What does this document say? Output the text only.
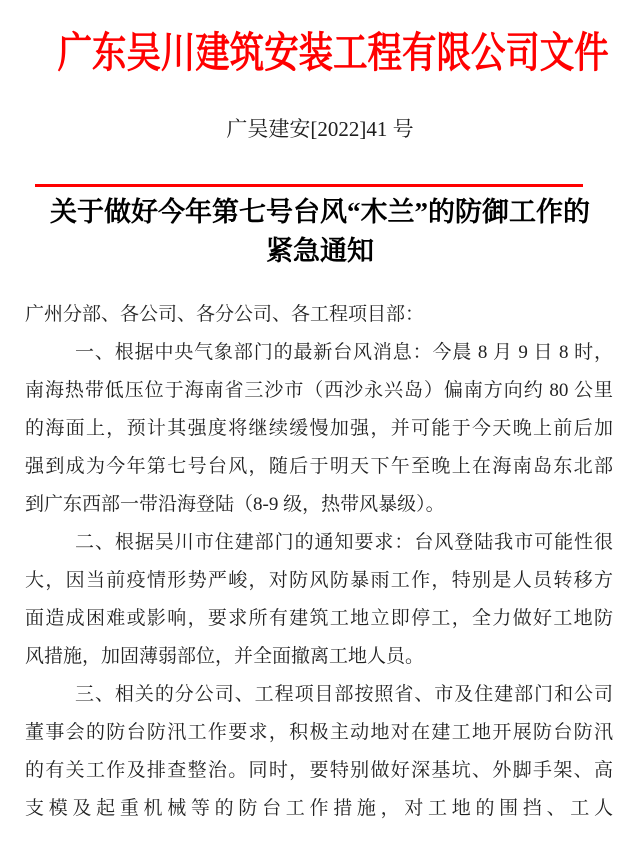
广东吴川建筑安装工程有限公司文件
广吴建安[2022]41 号
关于做好今年第七号台风“木兰”的防御工作的
紧急通知
广州分部、各公司、各分公司、各工程项目部：
一、根据中央气象部门的最新台风消息：今晨 8 月 9 日 8 时，
南海热带低压位于海南省三沙市（西沙永兴岛）偏南方向约 80 公里
的海面上，预计其强度将继续缓慢加强，并可能于今天晚上前后加
强到成为今年第七号台风，随后于明天下午至晚上在海南岛东北部
到广东西部一带沿海登陆（8-9 级，热带风暴级）。
二、根据吴川市住建部门的通知要求：台风登陆我市可能性很
大，因当前疫情形势严峻，对防风防暴雨工作，特别是人员转移方
面造成困难或影响，要求所有建筑工地立即停工，全力做好工地防
风措施，加固薄弱部位，并全面撤离工地人员。
三、相关的分公司、工程项目部按照省、市及住建部门和公司
董事会的防台防汛工作要求，积极主动地对在建工地开展防台防汛
的有关工作及排查整治。同时，要特别做好深基坑、外脚手架、高
支模及起重机械等的防台工作措施，对工地的围挡、工人
